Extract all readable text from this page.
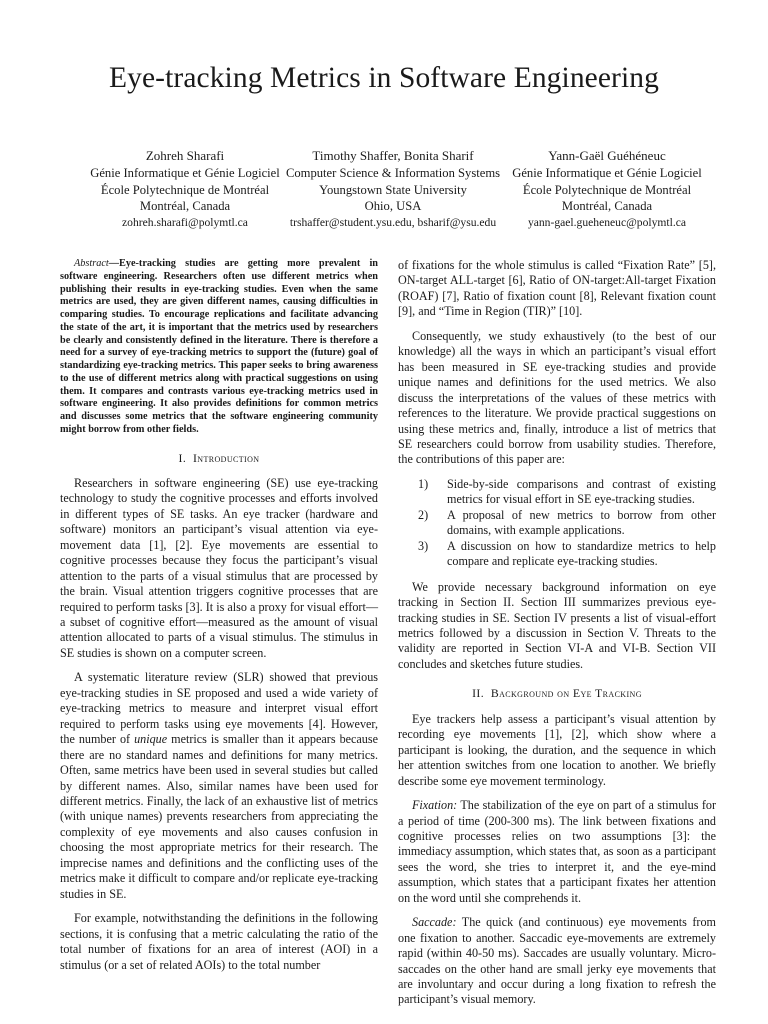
Eye-tracking Metrics in Software Engineering
Zohreh Sharafi
Génie Informatique et Génie Logiciel
École Polytechnique de Montréal
Montréal, Canada
zohreh.sharafi@polymtl.ca
Timothy Shaffer, Bonita Sharif
Computer Science & Information Systems
Youngstown State University
Ohio, USA
trshaffer@student.ysu.edu, bsharif@ysu.edu
Yann-Gaël Guéhéneuc
Génie Informatique et Génie Logiciel
École Polytechnique de Montréal
Montréal, Canada
yann-gael.gueheneuc@polymtl.ca

Abstract—Eye-tracking studies are getting more prevalent in software engineering. Researchers often use different metrics when publishing their results in eye-tracking studies. Even when the same metrics are used, they are given different names, causing difficulties in comparing studies. To encourage replications and facilitate advancing the state of the art, it is important that the metrics used by researchers be clearly and consistently defined in the literature. There is therefore a need for a survey of eye-tracking metrics to support the (future) goal of standardizing eye-tracking metrics. This paper seeks to bring awareness to the use of different metrics along with practical suggestions on using them. It compares and contrasts various eye-tracking metrics used in software engineering. It also provides definitions for common metrics and discusses some metrics that the software engineering community might borrow from other fields.

I. Introduction

Researchers in software engineering (SE) use eye-tracking technology to study the cognitive processes and efforts involved in different types of SE tasks. An eye tracker (hardware and software) monitors an participant’s visual attention via eye-movement data [1], [2]. Eye movements are essential to cognitive processes because they focus the participant’s visual attention to the parts of a visual stimulus that are processed by the brain. Visual attention triggers cognitive processes that are required to perform tasks [3]. It is also a proxy for visual effort—a subset of cognitive effort—measured as the amount of visual attention allocated to parts of a visual stimulus. The stimulus in SE studies is shown on a computer screen.

A systematic literature review (SLR) showed that previous eye-tracking studies in SE proposed and used a wide variety of eye-tracking metrics to measure and interpret visual effort required to perform tasks using eye movements [4]. However, the number of unique metrics is smaller than it appears because there are no standard names and definitions for many metrics. Often, same metrics have been used in several studies but called by different names. Also, similar names have been used for different metrics. Finally, the lack of an exhaustive list of metrics (with unique names) prevents researchers from appreciating the complexity of eye movements and also causes confusion in choosing the most appropriate metrics for their research. The imprecise names and definitions and the conflicting uses of the metrics make it difficult to compare and/or replicate eye-tracking studies in SE.

For example, notwithstanding the definitions in the following sections, it is confusing that a metric calculating the ratio of the total number of fixations for an area of interest (AOI) in a stimulus (or a set of related AOIs) to the total number

of fixations for the whole stimulus is called “Fixation Rate” [5], ON-target ALL-target [6], Ratio of ON-target:All-target Fixation (ROAF) [7], Ratio of fixation count [8], Relevant fixation count [9], and “Time in Region (TIR)” [10].

Consequently, we study exhaustively (to the best of our knowledge) all the ways in which an participant’s visual effort has been measured in SE eye-tracking studies and provide unique names and definitions for the used metrics. We also discuss the interpretations of the values of these metrics with references to the literature. We provide practical suggestions on using these metrics and, finally, introduce a list of metrics that SE researchers could borrow from usability studies. Therefore, the contributions of this paper are:

1) Side-by-side comparisons and contrast of existing metrics for visual effort in SE eye-tracking studies.
2) A proposal of new metrics to borrow from other domains, with example applications.
3) A discussion on how to standardize metrics to help compare and replicate eye-tracking studies.

We provide necessary background information on eye tracking in Section II. Section III summarizes previous eye-tracking studies in SE. Section IV presents a list of visual-effort metrics followed by a discussion in Section V. Threats to the validity are reported in Section VI-A and VI-B. Section VII concludes and sketches future studies.

II. Background on Eye Tracking

Eye trackers help assess a participant’s visual attention by recording eye movements [1], [2], which show where a participant is looking, the duration, and the sequence in which her attention switches from one location to another. We briefly describe some eye movement terminology.

Fixation: The stabilization of the eye on part of a stimulus for a period of time (200-300 ms). The link between fixations and cognitive processes relies on two assumptions [3]: the immediacy assumption, which states that, as soon as a participant sees the word, she tries to interpret it, and the eye-mind assumption, which states that a participant fixates her attention on the word until she comprehends it.

Saccade: The quick (and continuous) eye movements from one fixation to another. Saccadic eye-movements are extremely rapid (within 40-50 ms). Saccades are usually voluntary. Micro-saccades on the other hand are small jerky eye movements that are involuntary and occur during a long fixation to refresh the participant’s visual memory.
